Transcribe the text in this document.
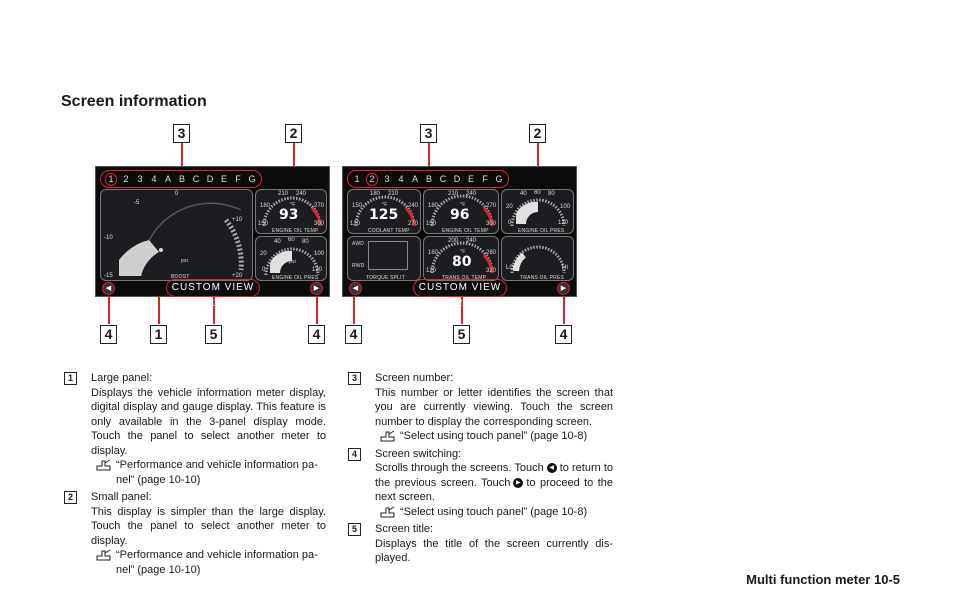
Screen information
3	2	3	2
4	1	5	4	4	5	4
1	2 3 4 A B C D E F G
0
-5
+10
-10
-15	+20
psi
BOOST
210 240
180	270
150	300
°F
93
ENGINE OIL TEMP
40 60 80
20	100
0	120
psi
ENGINE OIL PRES
◀	CUSTOM VIEW 1
▶
1	2	3 4 A B C D E F G
180 210
150	240
120	270
°F
125
COOLANT TEMP
210 240
180	270
150	300
°F
96
ENGINE OIL TEMP
40 60 80
20	100
0	120
ENGINE OIL PRES
AWD
RWD
TORQUE SPLIT
200 240
160	280
120	320
°F
80
TRANS OIL TEMP
LO	HI
TRANS OIL PRES
◀	CUSTOM VIEW 2
▶
1	Large panel:
Displays the vehicle information meter display, digital display and gauge display. This feature is only available in the 3-panel display mode. Touch the panel to select another meter to display.
“Performance and vehicle information pa-nel” (page 10-10)
2	Small panel:
This display is simpler than the large display. Touch the panel to select another meter to display.
“Performance and vehicle information pa-nel” (page 10-10)
3	Screen number:
This number or letter identifies the screen that you are currently viewing. Touch the screen number to display the corresponding screen.
“Select using touch panel” (page 10-8)
4	Screen switching:
Scrolls through the screens. Touch ◀ to return to the previous screen. Touch ▶ to proceed to the next screen.
“Select using touch panel” (page 10-8)
5	Screen title:
Displays the title of the screen currently dis-played.
Multi function meter 10-5
